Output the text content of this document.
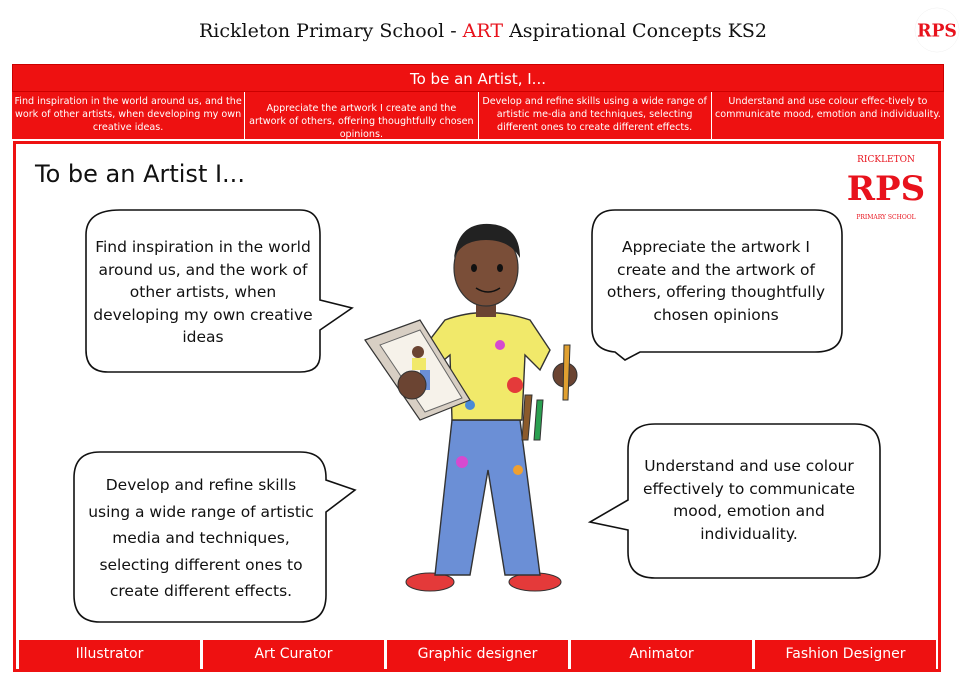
Rickleton Primary School - ART Aspirational Concepts KS2	RPS
To be an Artist, I...
Find inspiration in the world around us, and the work of other artists, when developing my own creative ideas.
Appreciate the artwork I create and the artwork of others, offering thoughtfully chosen opinions.
Develop and refine skills using a wide range of artistic me-dia and techniques, selecting different ones to create different effects.
Understand and use colour effec-tively to communicate mood, emotion and individuality.
RPS
RICKLETON
PRIMARY SCHOOL
To be an Artist I...
Find inspiration in the world around us, and the work of other artists, when developing my own creative ideas
Appreciate the artwork I create and the artwork of others, offering thoughtfully chosen opinions
Develop and refine skills using a wide range of artistic media and techniques, selecting different ones to create different effects.
Understand and use colour effectively to communicate mood, emotion and individuality.
Illustrator	Art Curator	Graphic designer	Animator	Fashion Designer
